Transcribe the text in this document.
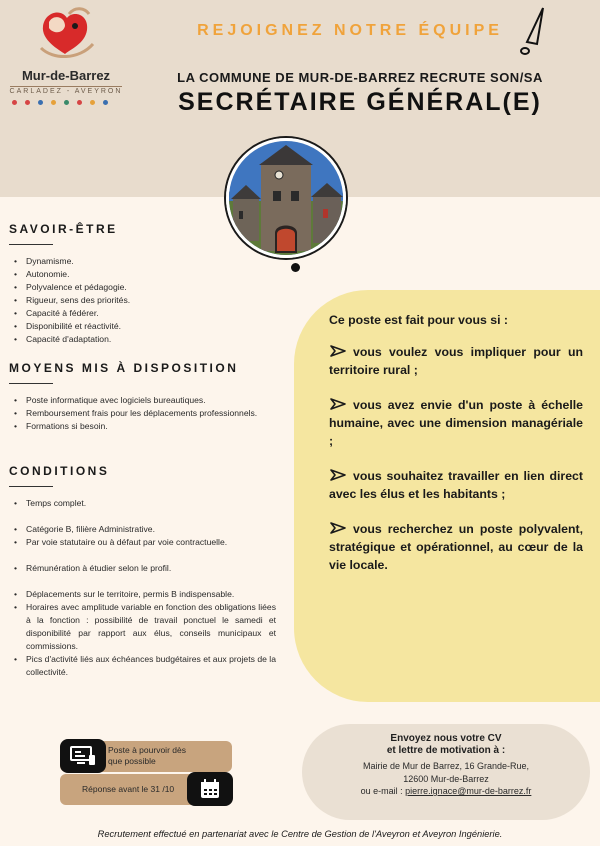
Mur-de-Barrez
CARLADEZ - AVEYRON
REJOIGNEZ NOTRE ÉQUIPE
LA COMMUNE DE MUR-DE-BARREZ RECRUTE SON/SA
SECRÉTAIRE GÉNÉRAL(E)
SAVOIR-ÊTRE
• Dynamisme.
• Autonomie.
• Polyvalence et pédagogie.
• Rigueur, sens des priorités.
• Capacité à fédérer.
• Disponibilité et réactivité.
• Capacité d'adaptation.
MOYENS MIS À DISPOSITION
• Poste informatique avec logiciels bureautiques.
• Remboursement frais pour les déplacements professionnels.
• Formations si besoin.
CONDITIONS
• Temps complet.
• Catégorie B, filière Administrative.
• Par voie statutaire ou à défaut par voie contractuelle.
• Rémunération à étudier selon le profil.
• Déplacements sur le territoire, permis B indispensable.
• Horaires avec amplitude variable en fonction des obligations liées à la fonction : possibilité de travail ponctuel le samedi et disponibilité par rapport aux élus, conseils municipaux et commissions.
• Pics d'activité liés aux échéances budgétaires et aux projets de la collectivité.
Ce poste est fait pour vous si :
vous voulez vous impliquer pour un territoire rural ;
vous avez envie d'un poste à échelle humaine, avec une dimension managériale ;
vous souhaitez travailler en lien direct avec les élus et les habitants ;
vous recherchez un poste polyvalent, stratégique et opérationnel, au cœur de la vie locale.
Envoyez nous votre CV
et lettre de motivation à :
Mairie de Mur de Barrez, 16 Grande-Rue,
12600 Mur-de-Barrez
ou e-mail : pierre.ignace@mur-de-barrez.fr
Poste à pourvoir dès
que possible
Réponse avant le 31 /10
Recrutement effectué en partenariat avec le Centre de Gestion de l'Aveyron et Aveyron Ingénierie.
